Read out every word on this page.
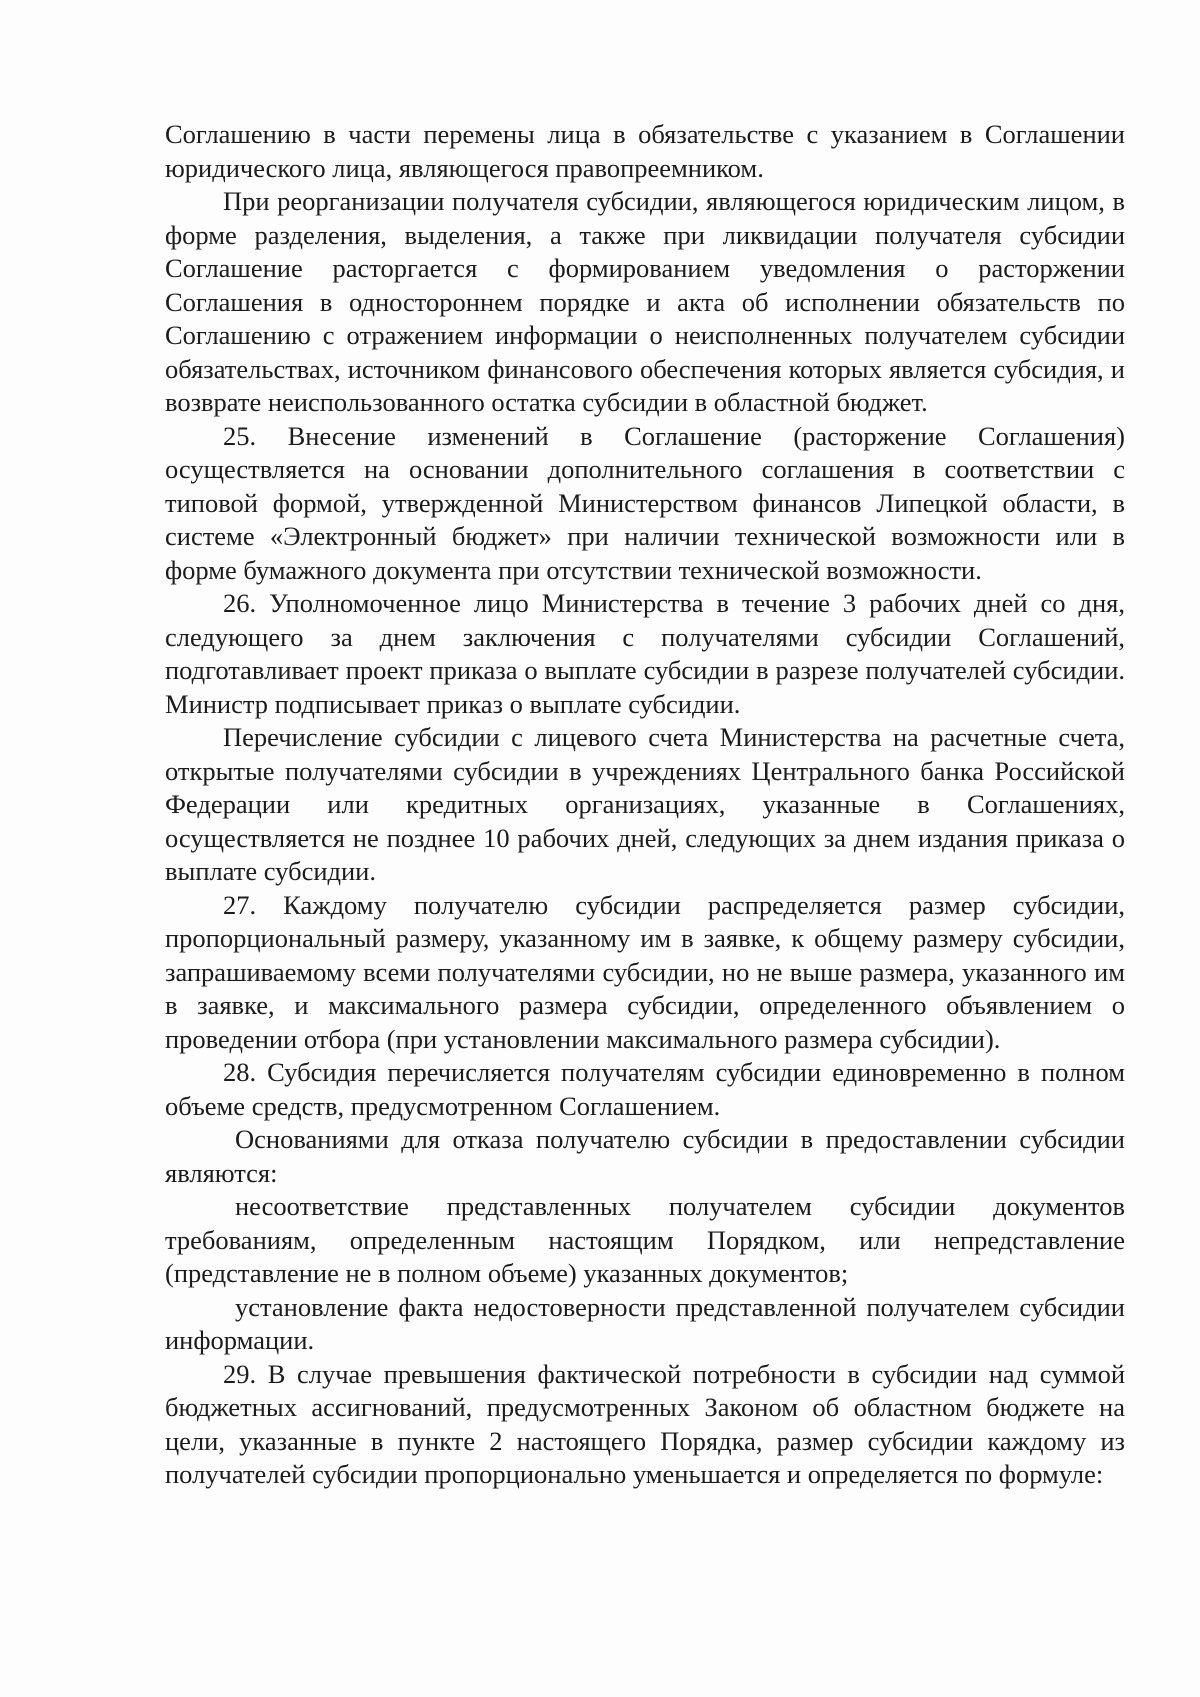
Соглашению в части перемены лица в обязательстве с указанием в Соглашении юридического лица, являющегося правопреемником.

При реорганизации получателя субсидии, являющегося юридическим лицом, в форме разделения, выделения, а также при ликвидации получателя субсидии Соглашение расторгается с формированием уведомления о расторжении Соглашения в одностороннем порядке и акта об исполнении обязательств по Соглашению с отражением информации о неисполненных получателем субсидии обязательствах, источником финансового обеспечения которых является субсидия, и возврате неиспользованного остатка субсидии в областной бюджет.

25. Внесение изменений в Соглашение (расторжение Соглашения) осуществляется на основании дополнительного соглашения в соответствии с типовой формой, утвержденной Министерством финансов Липецкой области, в системе «Электронный бюджет» при наличии технической возможности или в форме бумажного документа при отсутствии технической возможности.

26. Уполномоченное лицо Министерства в течение 3 рабочих дней со дня, следующего за днем заключения с получателями субсидии Соглашений, подготавливает проект приказа о выплате субсидии в разрезе получателей субсидии. Министр подписывает приказ о выплате субсидии.

Перечисление субсидии с лицевого счета Министерства на расчетные счета, открытые получателями субсидии в учреждениях Центрального банка Российской Федерации или кредитных организациях, указанные в Соглашениях, осуществляется не позднее 10 рабочих дней, следующих за днем издания приказа о выплате субсидии.

27. Каждому получателю субсидии распределяется размер субсидии, пропорциональный размеру, указанному им в заявке, к общему размеру субсидии, запрашиваемому всеми получателями субсидии, но не выше размера, указанного им в заявке, и максимального размера субсидии, определенного объявлением о проведении отбора (при установлении максимального размера субсидии).

28. Субсидия перечисляется получателям субсидии единовременно в полном объеме средств, предусмотренном Соглашением.

Основаниями для отказа получателю субсидии в предоставлении субсидии являются:

несоответствие представленных получателем субсидии документов требованиям, определенным настоящим Порядком, или непредставление (представление не в полном объеме) указанных документов;

установление факта недостоверности представленной получателем субсидии информации.

29. В случае превышения фактической потребности в субсидии над суммой бюджетных ассигнований, предусмотренных Законом об областном бюджете на цели, указанные в пункте 2 настоящего Порядка, размер субсидии каждому из получателей субсидии пропорционально уменьшается и определяется по формуле:
